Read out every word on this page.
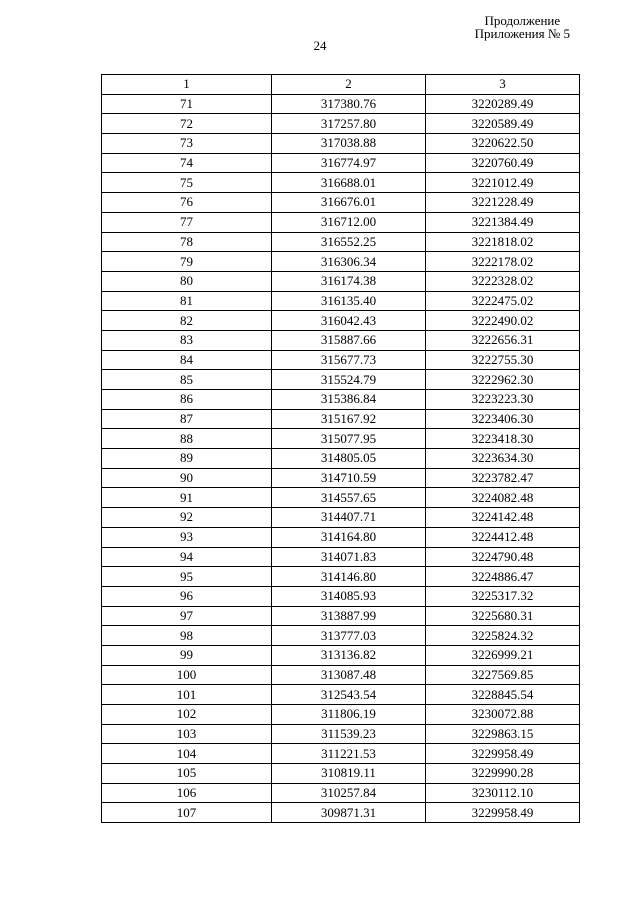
Продолжение
Приложения № 5
24
1	2	3
71	317380.76	3220289.49
72	317257.80	3220589.49
73	317038.88	3220622.50
74	316774.97	3220760.49
75	316688.01	3221012.49
76	316676.01	3221228.49
77	316712.00	3221384.49
78	316552.25	3221818.02
79	316306.34	3222178.02
80	316174.38	3222328.02
81	316135.40	3222475.02
82	316042.43	3222490.02
83	315887.66	3222656.31
84	315677.73	3222755.30
85	315524.79	3222962.30
86	315386.84	3223223.30
87	315167.92	3223406.30
88	315077.95	3223418.30
89	314805.05	3223634.30
90	314710.59	3223782.47
91	314557.65	3224082.48
92	314407.71	3224142.48
93	314164.80	3224412.48
94	314071.83	3224790.48
95	314146.80	3224886.47
96	314085.93	3225317.32
97	313887.99	3225680.31
98	313777.03	3225824.32
99	313136.82	3226999.21
100	313087.48	3227569.85
101	312543.54	3228845.54
102	311806.19	3230072.88
103	311539.23	3229863.15
104	311221.53	3229958.49
105	310819.11	3229990.28
106	310257.84	3230112.10
107	309871.31	3229958.49
